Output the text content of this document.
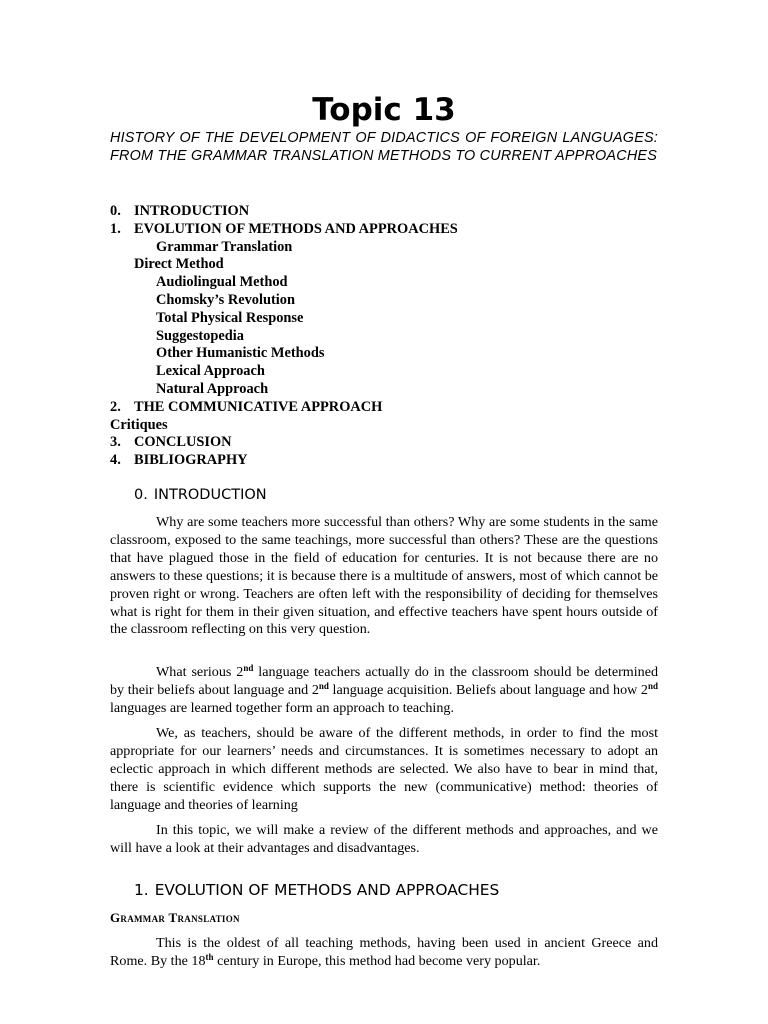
Topic 13
HISTORY OF THE DEVELOPMENT OF DIDACTICS OF FOREIGN LANGUAGES: FROM THE GRAMMAR TRANSLATION METHODS TO CURRENT APPROACHES
0. INTRODUCTION
1. EVOLUTION OF METHODS AND APPROACHES
Grammar Translation
Direct Method
Audiolingual Method
Chomsky’s Revolution
Total Physical Response
Suggestopedia
Other Humanistic Methods
Lexical Approach
Natural Approach
2. THE COMMUNICATIVE APPROACH
Critiques
3. CONCLUSION
4. BIBLIOGRAPHY
0. INTRODUCTION

Why are some teachers more successful than others? Why are some students in the same classroom, exposed to the same teachings, more successful than others? These are the questions that have plagued those in the field of education for centuries. It is not because there are no answers to these questions; it is because there is a multitude of answers, most of which cannot be proven right or wrong. Teachers are often left with the responsibility of deciding for themselves what is right for them in their given situation, and effective teachers have spent hours outside of the classroom reflecting on this very question.

What serious 2nd language teachers actually do in the classroom should be determined by their beliefs about language and 2nd language acquisition. Beliefs about language and how 2nd languages are learned together form an approach to teaching.

We, as teachers, should be aware of the different methods, in order to find the most appropriate for our learners’ needs and circumstances. It is sometimes necessary to adopt an eclectic approach in which different methods are selected. We also have to bear in mind that, there is scientific evidence which supports the new (communicative) method: theories of language and theories of learning

In this topic, we will make a review of the different methods and approaches, and we will have a look at their advantages and disadvantages.

1. EVOLUTION OF METHODS AND APPROACHES
Grammar Translation

This is the oldest of all teaching methods, having been used in ancient Greece and Rome. By the 18th century in Europe, this method had become very popular.
